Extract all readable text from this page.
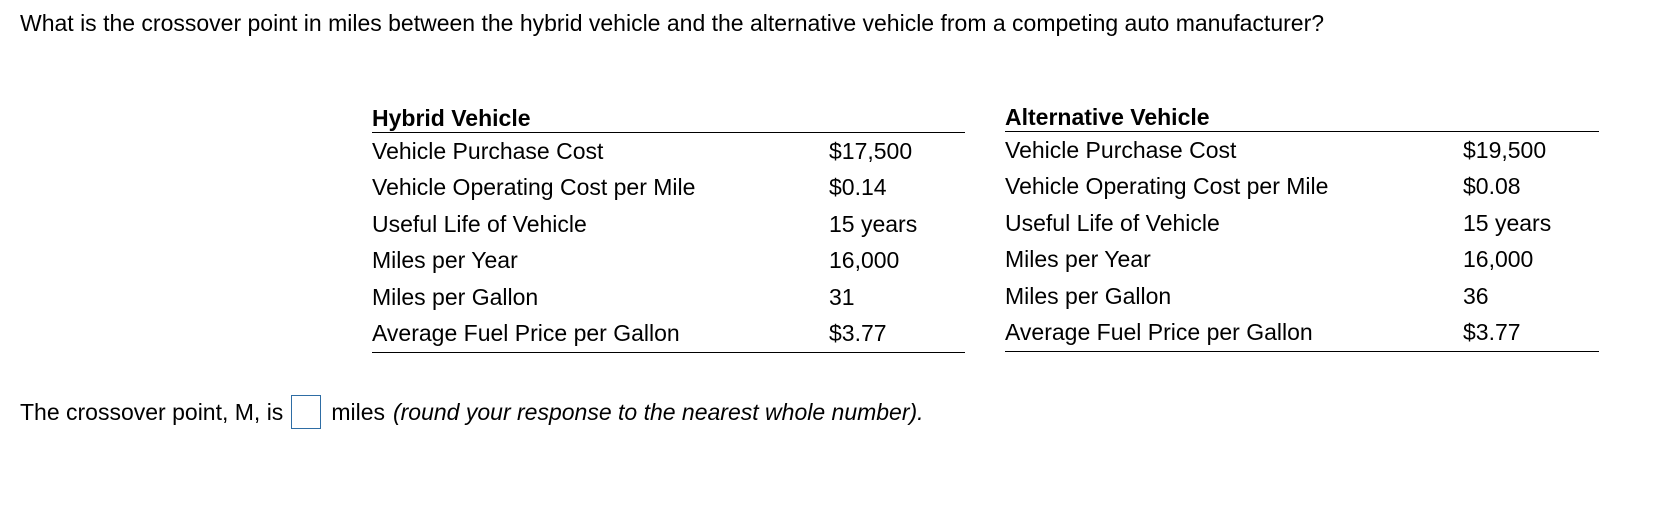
What is the crossover point in miles between the hybrid vehicle and the alternative vehicle from a competing auto manufacturer?
Hybrid Vehicle	
Vehicle Purchase Cost	$17,500
Vehicle Operating Cost per Mile	$0.14
Useful Life of Vehicle	15 years
Miles per Year	16,000
Miles per Gallon	31
Average Fuel Price per Gallon	$3.77
Alternative Vehicle	
Vehicle Purchase Cost	$19,500
Vehicle Operating Cost per Mile	$0.08
Useful Life of Vehicle	15 years
Miles per Year	16,000
Miles per Gallon	36
Average Fuel Price per Gallon	$3.77
The crossover point, M, is miles (round your response to the nearest whole number).
